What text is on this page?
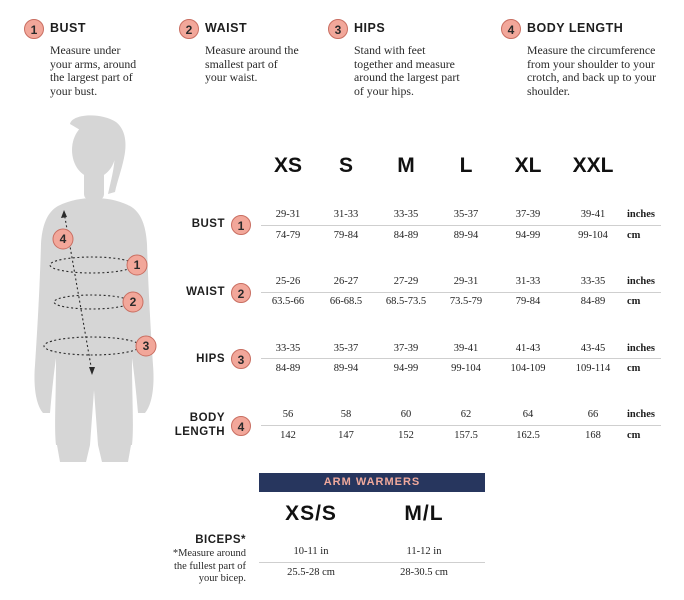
1	BUST
Measure under
your arms, around
the largest part of
your bust.
2	WAIST
Measure around the
smallest part of
your waist.
3	HIPS
Stand with feet
together and measure
around the largest part
of your hips.
4	BODY LENGTH
Measure the circumference
from your shoulder to your
crotch, and back up to your
shoulder.
4
1
2
3
XS	S	M	L	XL	XXL
BUST	1
29-31	31-33	33-35	35-37	37-39	39-41	inches
74-79	79-84	84-89	89-94	94-99	99-104	cm
WAIST	2
25-26	26-27	27-29	29-31	31-33	33-35	inches
63.5-66	66-68.5	68.5-73.5	73.5-79	79-84	84-89	cm
HIPS	3
33-35	35-37	37-39	39-41	41-43	43-45	inches
84-89	89-94	94-99	99-104	104-109	109-114	cm
BODY
LENGTH	4
56	58	60	62	64	66	inches
142	147	152	157.5	162.5	168	cm
ARM WARMERS
XS/S	M/L
BICEPS*
*Measure around
the fullest part of
your bicep.
10-11 in	11-12 in
25.5-28 cm	28-30.5 cm
